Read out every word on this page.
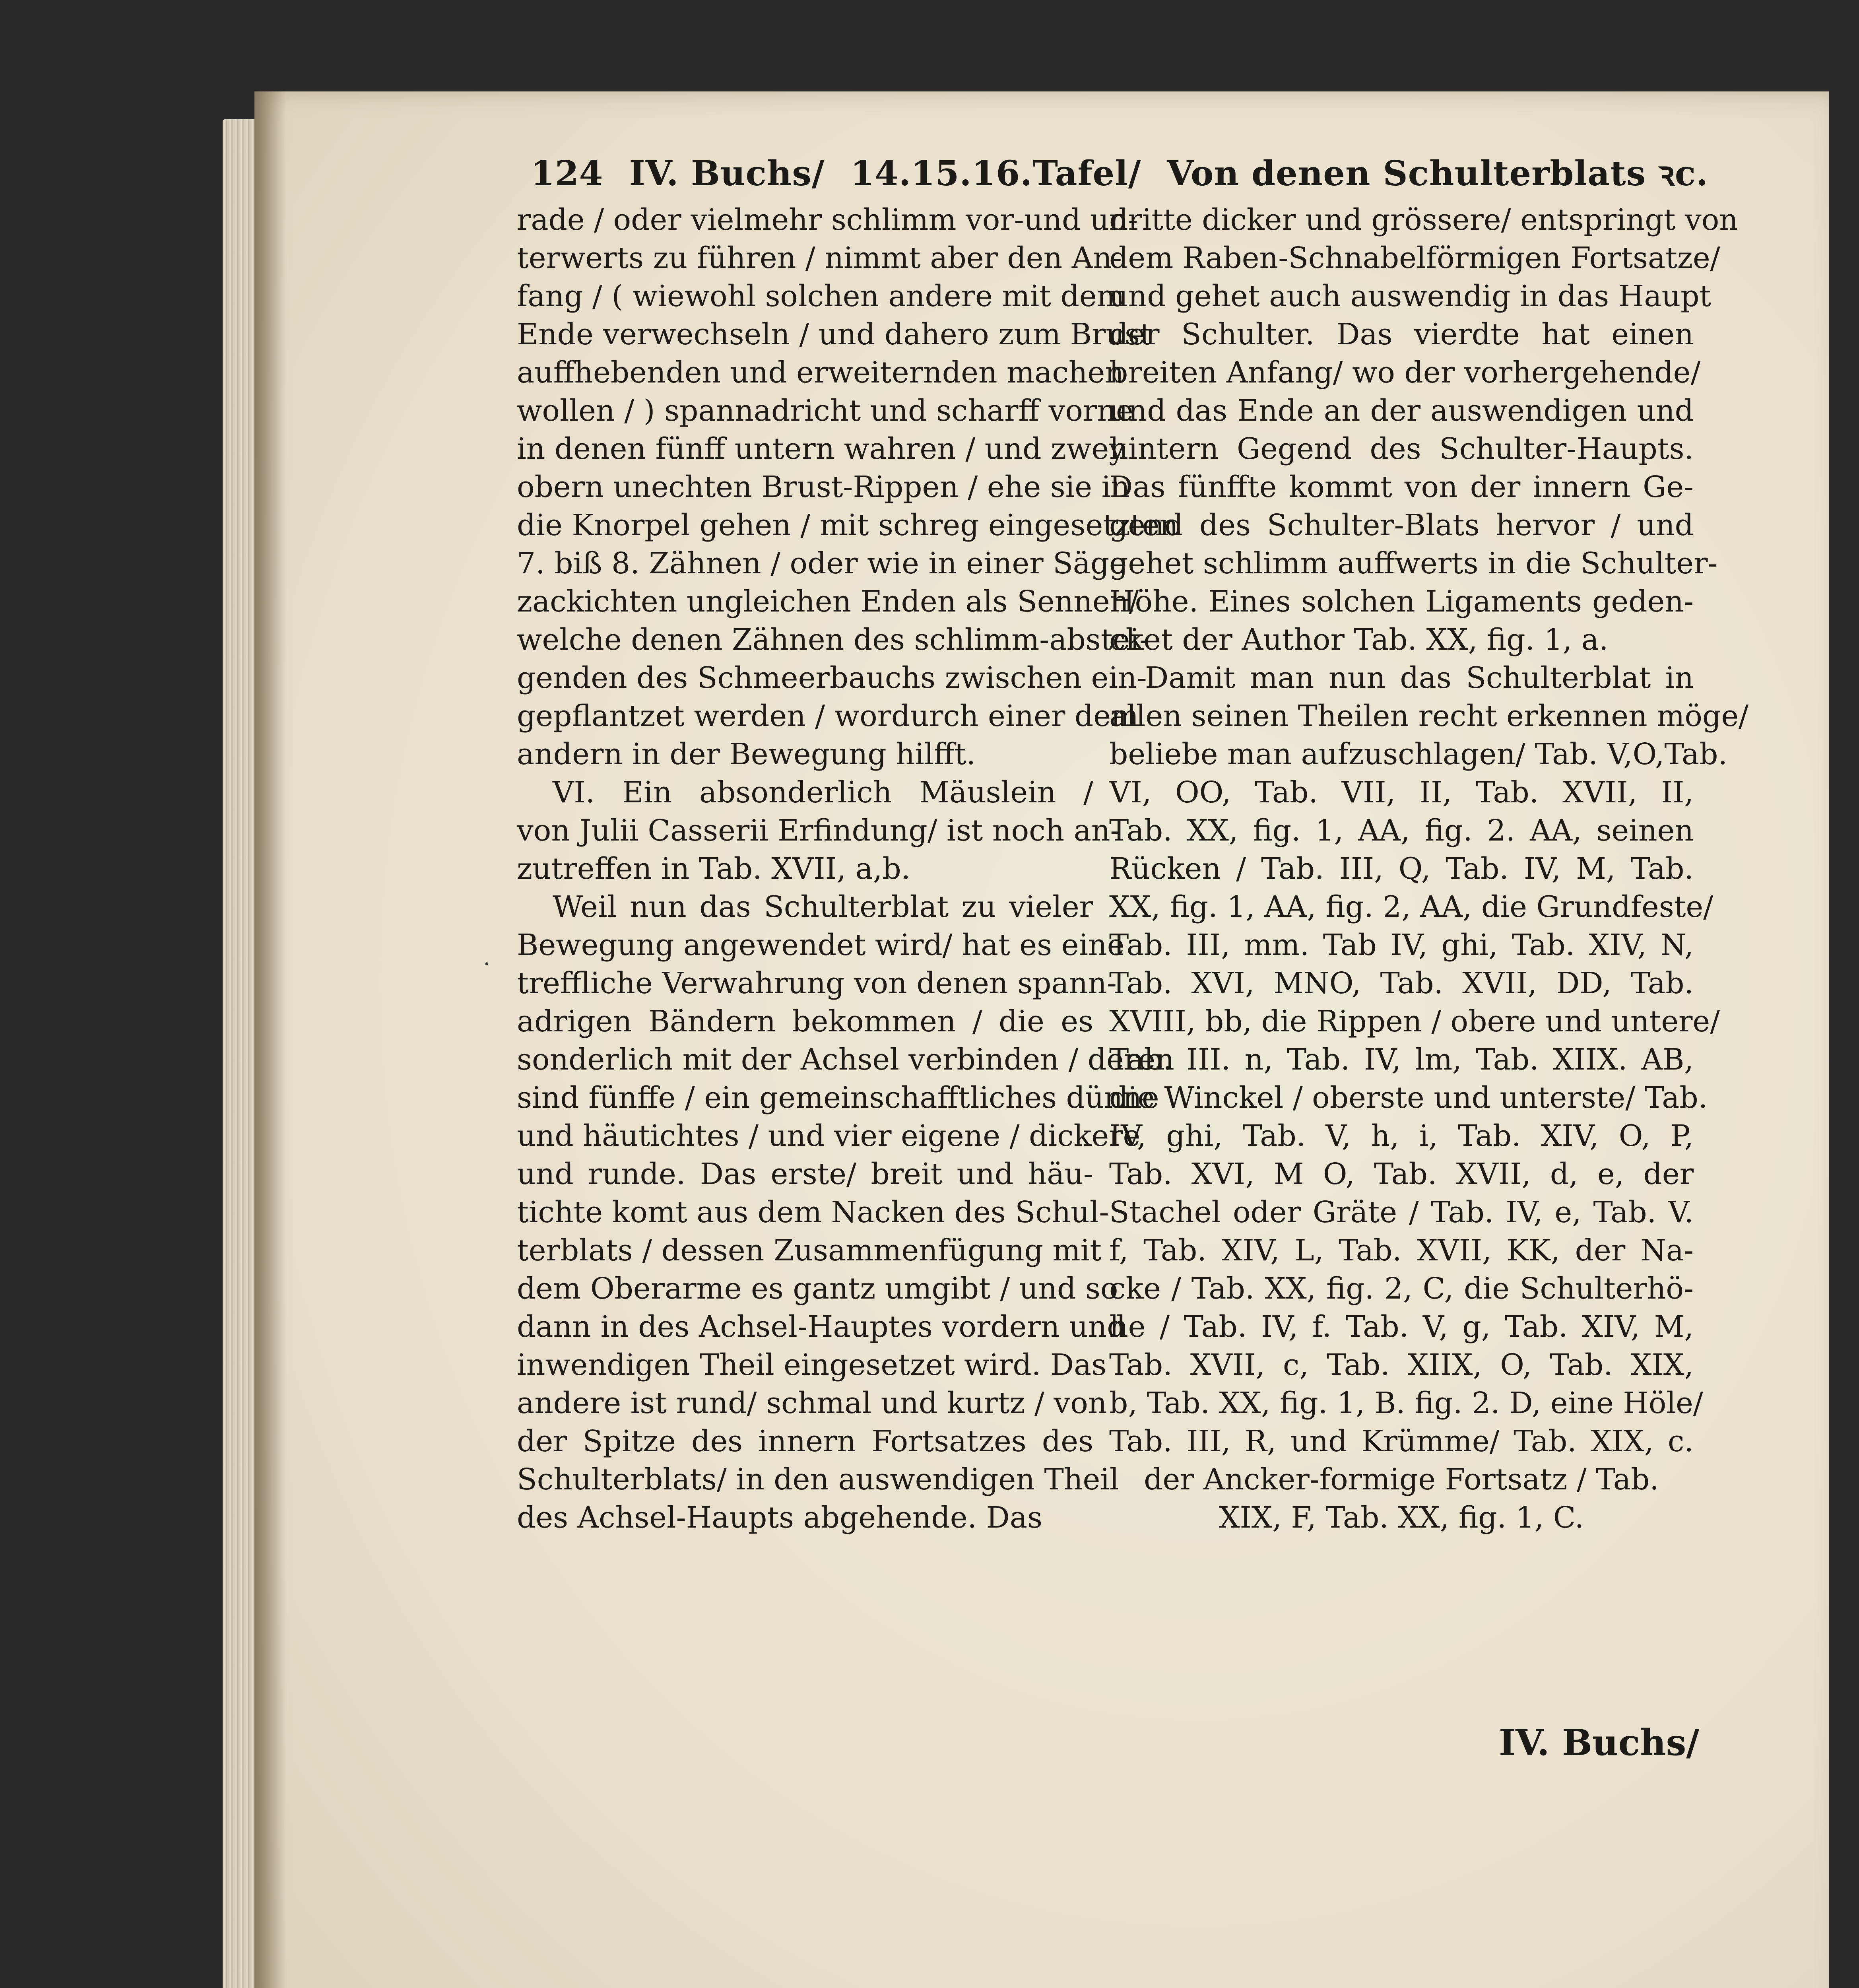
124 IV. Buchs/ 14.15.16.Tafel/ Von denen Schulterblats ꝛc.
·
rade / oder vielmehr schlimm vor-und un-
terwerts zu führen / nimmt aber den An-
fang / ( wiewohl solchen andere mit dem
Ende verwechseln / und dahero zum Brust
auffhebenden und erweiternden machen
wollen / ) spannadricht und scharff vorne
in denen fünff untern wahren / und zwey
obern unechten Brust-Rippen / ehe sie in
die Knorpel gehen / mit schreg eingesetzten
7. biß 8. Zähnen / oder wie in einer Säge
zackichten ungleichen Enden als Sennen/
welche denen Zähnen des schlimm-abstei-
genden des Schmeerbauchs zwischen ein-
gepflantzet werden / wordurch einer dem
andern in der Bewegung hilfft.
VI. Ein absonderlich Mäuslein /
von Julii Casserii Erfindung/ ist noch an-
zutreffen in Tab. XVII, a,b.
Weil nun das Schulterblat zu vieler
Bewegung angewendet wird/ hat es eine
treffliche Verwahrung von denen spann-
adrigen Bändern bekommen / die es
sonderlich mit der Achsel verbinden / deren
sind fünffe / ein gemeinschafftliches dünne
und häutichtes / und vier eigene / dickere
und runde. Das erste/ breit und häu-
tichte komt aus dem Nacken des Schul-
terblats / dessen Zusammenfügung mit
dem Oberarme es gantz umgibt / und so
dann in des Achsel-Hauptes vordern und
inwendigen Theil eingesetzet wird. Das
andere ist rund/ schmal und kurtz / von
der Spitze des innern Fortsatzes des
Schulterblats/ in den auswendigen Theil
des Achsel-Haupts abgehende. Das
dritte dicker und grössere/ entspringt von
dem Raben-Schnabelförmigen Fortsatze/
und gehet auch auswendig in das Haupt
der Schulter. Das vierdte hat einen
breiten Anfang/ wo der vorhergehende/
und das Ende an der auswendigen und
hintern Gegend des Schulter-Haupts.
Das fünffte kommt von der innern Ge-
gend des Schulter-Blats hervor / und
gehet schlimm auffwerts in die Schulter-
Höhe. Eines solchen Ligaments geden-
cket der Author Tab. XX, fig. 1, a.
Damit man nun das Schulterblat in
allen seinen Theilen recht erkennen möge/
beliebe man aufzuschlagen/ Tab. V,O,Tab.
VI, OO, Tab. VII, II, Tab. XVII, II,
Tab. XX, fig. 1, AA, fig. 2. AA, seinen
Rücken / Tab. III, Q, Tab. IV, M, Tab.
XX, fig. 1, AA, fig. 2, AA, die Grundfeste/
Tab. III, mm. Tab IV, ghi, Tab. XIV, N,
Tab. XVI, MNO, Tab. XVII, DD, Tab.
XVIII, bb, die Rippen / obere und untere/
Tab. III. n, Tab. IV, lm, Tab. XIIX. AB,
die Winckel / oberste und unterste/ Tab.
IV, ghi, Tab. V, h, i, Tab. XIV, O, P,
Tab. XVI, M O, Tab. XVII, d, e, der
Stachel oder Gräte / Tab. IV, e, Tab. V.
f, Tab. XIV, L, Tab. XVII, KK, der Na-
cke / Tab. XX, fig. 2, C, die Schulterhö-
he / Tab. IV, f. Tab. V, g, Tab. XIV, M,
Tab. XVII, c, Tab. XIIX, O, Tab. XIX,
b, Tab. XX, fig. 1, B. fig. 2. D, eine Höle/
Tab. III, R, und Krümme/ Tab. XIX, c.
der Ancker-formige Fortsatz / Tab.
XIX, F, Tab. XX, fig. 1, C.
IV. Buchs/
